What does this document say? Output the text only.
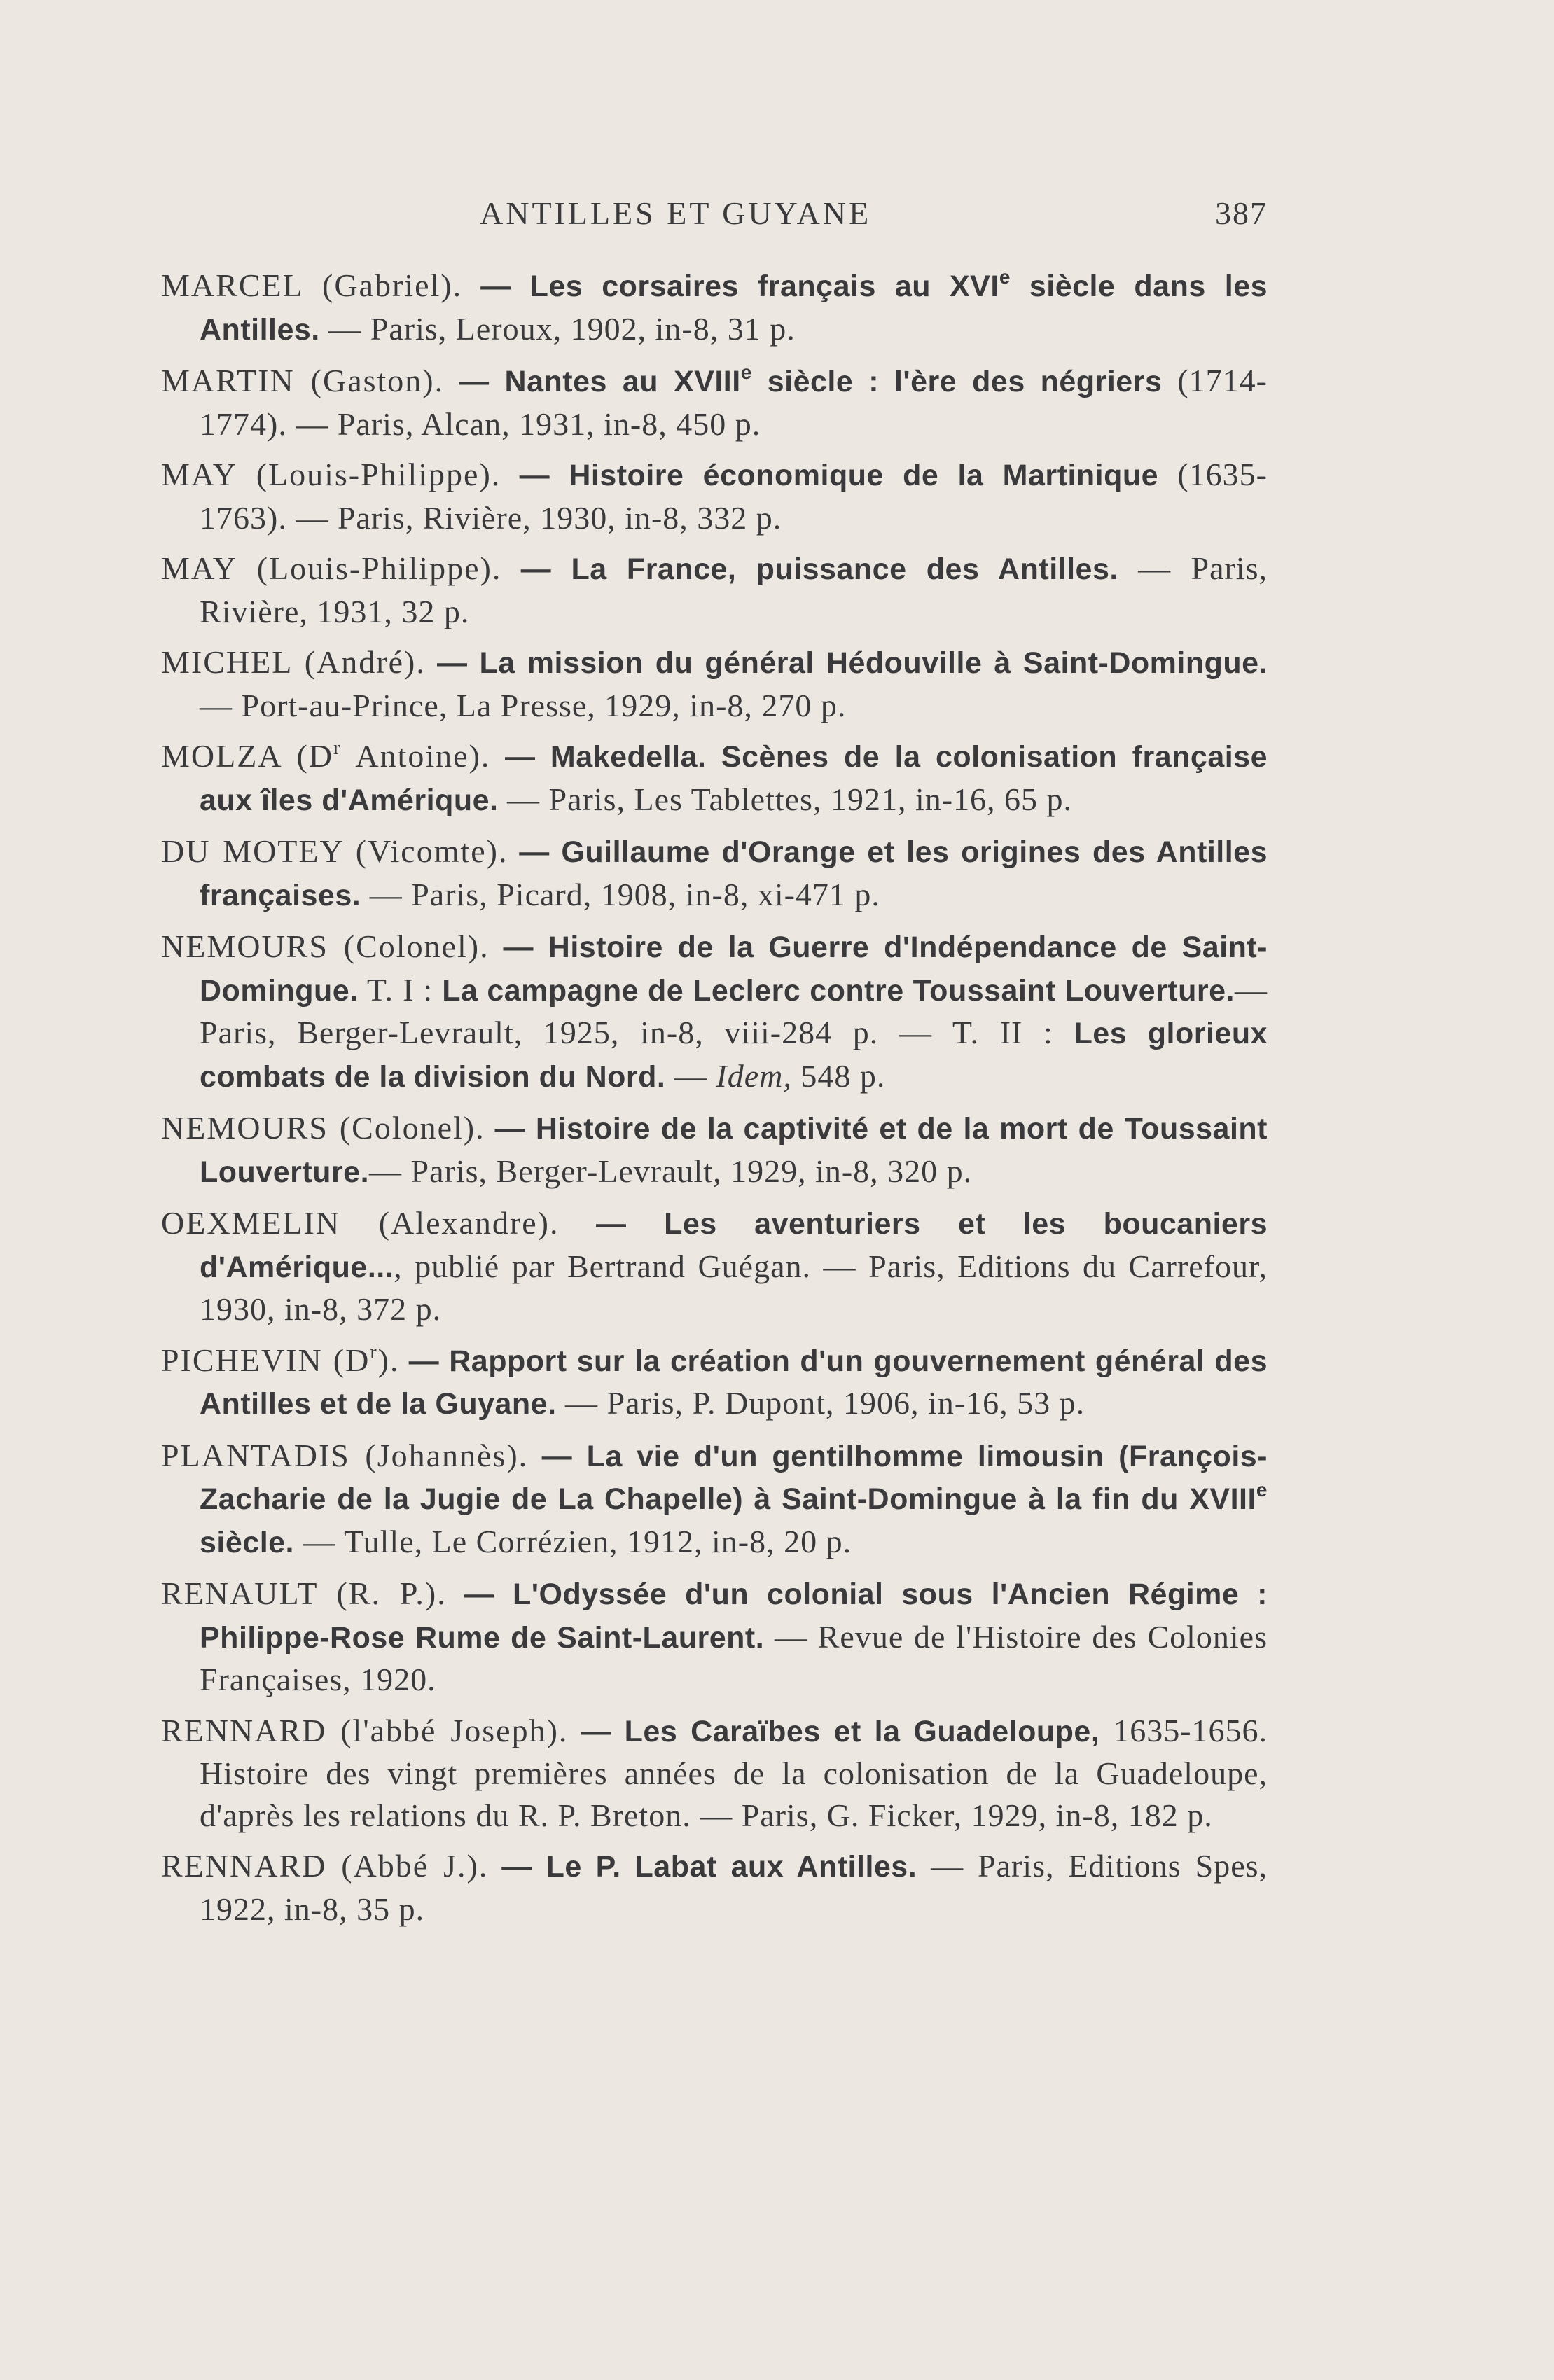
ANTILLES ET GUYANE	387

MARCEL (Gabriel). — Les corsaires français au XVIe siècle dans les Antilles. — Paris, Leroux, 1902, in-8, 31 p.

MARTIN (Gaston). — Nantes au XVIIIe siècle : l'ère des négriers (1714-1774). — Paris, Alcan, 1931, in-8, 450 p.

MAY (Louis-Philippe). — Histoire économique de la Martinique (1635-1763). — Paris, Rivière, 1930, in-8, 332 p.

MAY (Louis-Philippe). — La France, puissance des Antilles. — Paris, Rivière, 1931, 32 p.

MICHEL (André). — La mission du général Hédouville à Saint-Domingue. — Port-au-Prince, La Presse, 1929, in-8, 270 p.

MOLZA ($D^r$ Antoine). — Makedella. Scènes de la colonisation française aux îles d'Amérique. — Paris, Les Tablettes, 1921, in-16, 65 p.

DU MOTEY (Vicomte). — Guillaume d'Orange et les origines des Antilles françaises. — Paris, Picard, 1908, in-8, xi-471 p.

NEMOURS (Colonel). — Histoire de la Guerre d'Indépendance de Saint-Domingue. T. I : La campagne de Leclerc contre Toussaint Louverture.— Paris, Berger-Levrault, 1925, in-8, viii-284 p. — T. II : Les glorieux combats de la division du Nord. — Idem, 548 p.

NEMOURS (Colonel). — Histoire de la captivité et de la mort de Toussaint Louverture.— Paris, Berger-Levrault, 1929, in-8, 320 p.

OEXMELIN (Alexandre). — Les aventuriers et les boucaniers d'Amérique..., publié par Bertrand Guégan. — Paris, Editions du Carrefour, 1930, in-8, 372 p.

PICHEVIN $(D^r)$. — Rapport sur la création d'un gouvernement général des Antilles et de la Guyane. — Paris, P. Dupont, 1906, in-16, 53 p.

PLANTADIS (Johannès). — La vie d'un gentilhomme limousin (François-Zacharie de la Jugie de La Chapelle) à Saint-Domingue à la fin du XVIIIe siècle. — Tulle, Le Corrézien, 1912, in-8, 20 p.

RENAULT (R. P.). — L'Odyssée d'un colonial sous l'Ancien Régime : Philippe-Rose Rume de Saint-Laurent. — Revue de l'Histoire des Colonies Françaises, 1920.

RENNARD (l'abbé Joseph). — Les Caraïbes et la Guadeloupe, 1635-1656. Histoire des vingt premières années de la colonisation de la Guadeloupe, d'après les relations du R. P. Breton. — Paris, G. Ficker, 1929, in-8, 182 p.

RENNARD (Abbé J.). — Le P. Labat aux Antilles. — Paris, Editions Spes, 1922, in-8, 35 p.
